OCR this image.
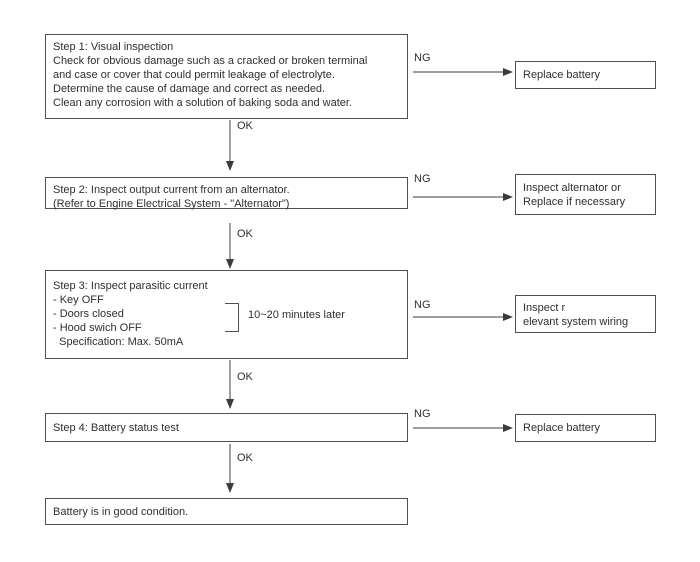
Step 1: Visual inspection
Check for obvious damage such as a cracked or broken terminal
and case or cover that could permit leakage of electrolyte.
Determine the cause of damage and correct as needed.
Clean any corrosion with a solution of baking soda and water.
Step 2: Inspect output current from an alternator.
(Refer to Engine Electrical System - "Alternator")
Step 3: Inspect parasitic current
- Key OFF
- Doors closed
- Hood swich OFF
Specification: Max. 50mA
10~20 minutes later
Step 4: Battery status test
Battery is in good condition.
Replace battery
Inspect alternator or
Replace if necessary
Inspect r
elevant system wiring
Replace battery
OK
OK
OK
OK
NG
NG
NG
NG
